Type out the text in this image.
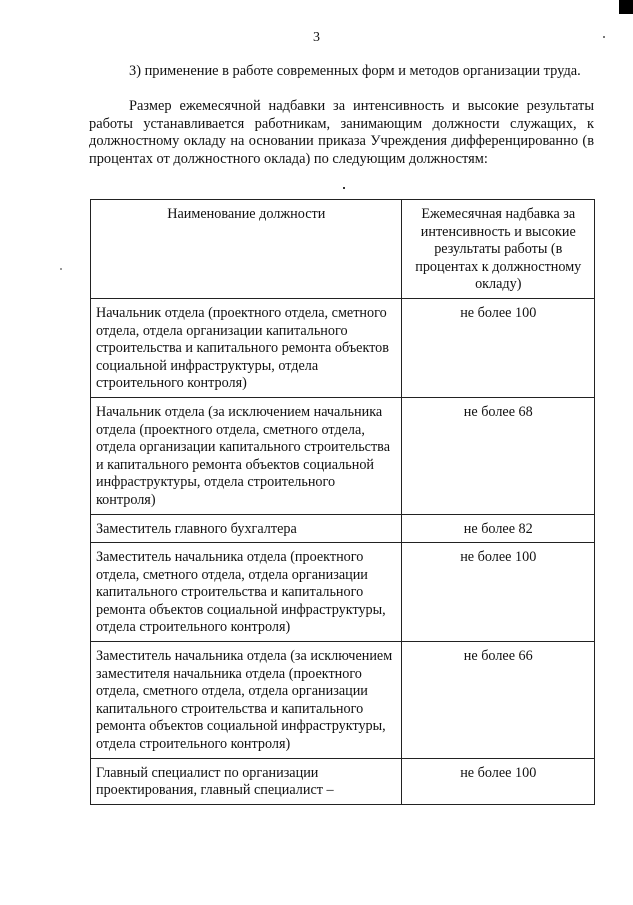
3

3) применение в работе современных форм и методов организации труда.

Размер ежемесячной надбавки за интенсивность и высокие результаты работы устанавливается работникам, занимающим должности служащих, к должностному окладу на основании приказа Учреждения дифференцированно (в процентах от должностного оклада) по следующим должностям:

Наименование должности	Ежемесячная надбавка за интенсивность и высокие результаты работы (в процентах к должностному окладу)

Начальник отдела (проектного отдела, сметного отдела, отдела организации капитального строительства и капитального ремонта объектов социальной инфраструктуры, отдела строительного контроля)	не более 100
Начальник отдела (за исключением начальника отдела (проектного отдела, сметного отдела, отдела организации капитального строительства и капитального ремонта объектов социальной инфраструктуры, отдела строительного контроля)	не более 68
Заместитель главного бухгалтера	не более 82
Заместитель начальника отдела (проектного отдела, сметного отдела, отдела организации капитального строительства и капитального ремонта объектов социальной инфраструктуры, отдела строительного контроля)	не более 100
Заместитель начальника отдела (за исключением заместителя начальника отдела (проектного отдела, сметного отдела, отдела организации капитального строительства и капитального ремонта объектов социальной инфраструктуры, отдела строительного контроля)	не более 66
Главный специалист по организации проектирования, главный специалист –	не более 100
